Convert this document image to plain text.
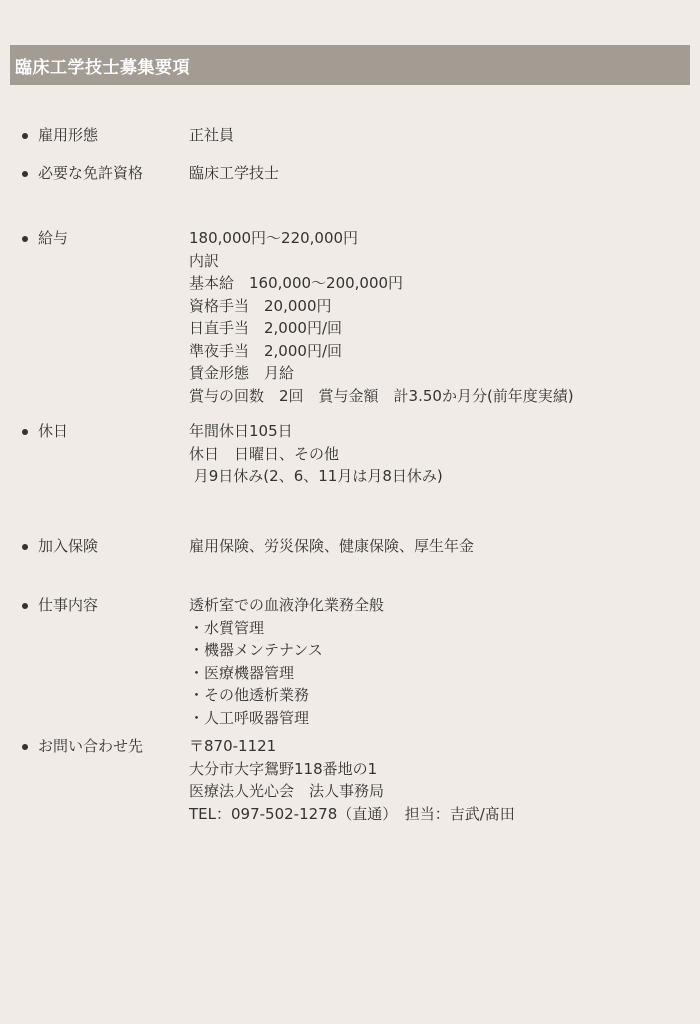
臨床工学技士募集要項
雇用形態	正社員
必要な免許資格	臨床工学技士
給与	180,000円～220,000円
内訳
基本給　160,000～200,000円
資格手当　20,000円
日直手当　2,000円/回
準夜手当　2,000円/回
賃金形態　月給
賞与の回数　2回　賞与金額　計3.50か月分(前年度実績)
休日	年間休日105日
休日　日曜日、その他
月9日休み(2、6、11月は月8日休み)
加入保険	雇用保険、労災保険、健康保険、厚生年金
仕事内容	透析室での血液浄化業務全般
・水質管理
・機器メンテナンス
・医療機器管理
・その他透析業務
・人工呼吸器管理
お問い合わせ先	〒870-1121
大分市大字鴛野118番地の1
医療法人光心会　法人事務局
TEL：097-502-1278（直通）　担当：吉武/髙田
